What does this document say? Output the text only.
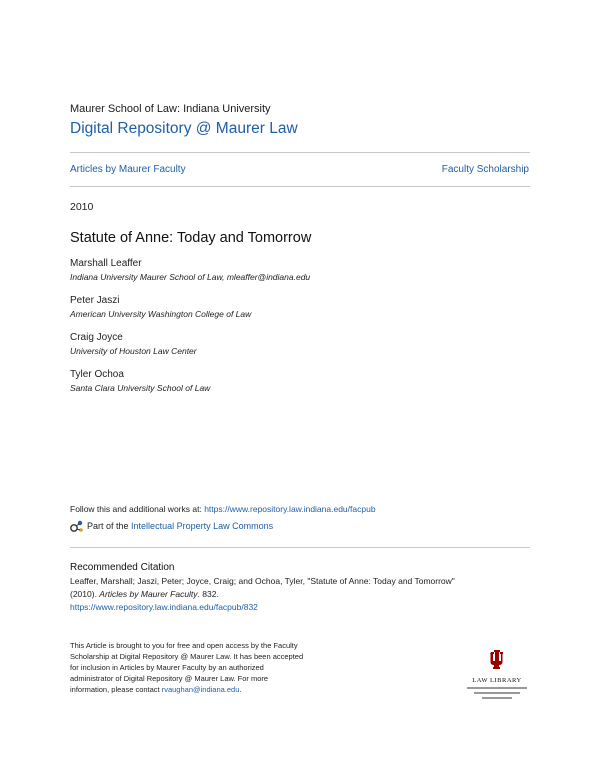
Maurer School of Law: Indiana University
Digital Repository @ Maurer Law
Articles by Maurer Faculty	Faculty Scholarship
2010
Statute of Anne: Today and Tomorrow
Marshall Leaffer
Indiana University Maurer School of Law, mleaffer@indiana.edu
Peter Jaszi
American University Washington College of Law
Craig Joyce
University of Houston Law Center
Tyler Ochoa
Santa Clara University School of Law
Follow this and additional works at: https://www.repository.law.indiana.edu/facpub
Part of the
Intellectual Property Law Commons
Recommended Citation
Leaffer, Marshall; Jaszi, Peter; Joyce, Craig; and Ochoa, Tyler, "Statute of Anne: Today and Tomorrow"
(2010). Articles by Maurer Faculty. 832.
https://www.repository.law.indiana.edu/facpub/832
This Article is brought to you for free and open access by the Faculty Scholarship at Digital Repository @ Maurer Law. It has been accepted for inclusion in Articles by Maurer Faculty by an authorized administrator of Digital Repository @ Maurer Law. For more information, please contact rvaughan@indiana.edu.
LAW LIBRARY
